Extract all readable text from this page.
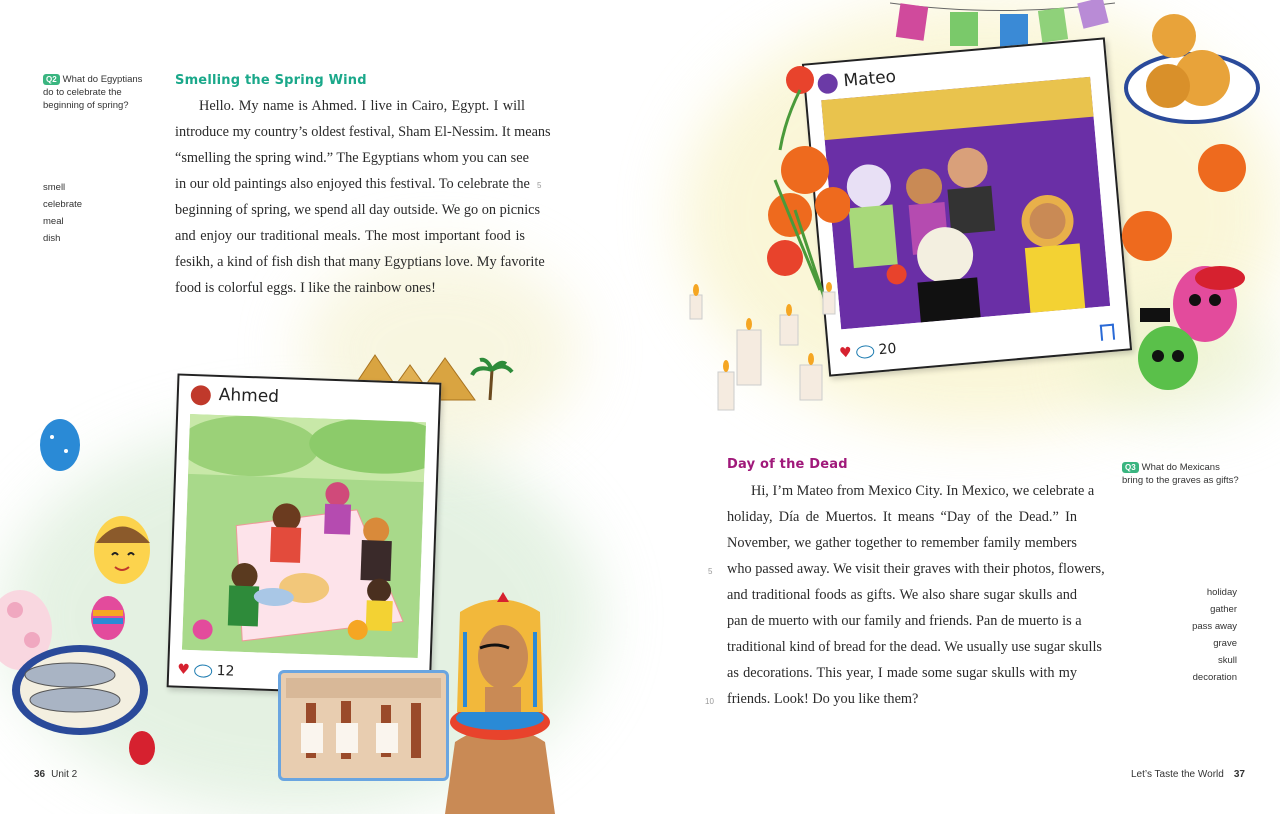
Q2 What do Egyptians do to celebrate the beginning of spring?
Smelling the Spring Wind

Hello. My name is Ahmed. I live in Cairo, Egypt. I will

introduce my country’s oldest festival, Sham El-Nessim. It means

“smelling the spring wind.” The Egyptians whom you can see

in our old paintings also enjoyed this festival. To celebrate the

beginning of spring, we spend all day outside. We go on picnics

and enjoy our traditional meals. The most important food is

fesikh, a kind of fish dish that many Egyptians love. My favorite

food is colorful eggs. I like the rainbow ones!

5
smell
celebrate
meal
dish
Ahmed
♥ 12
36 Unit 2
Mateo
♥ 20
Day of the Dead	Q3 What do Mexicans bring to the graves as gifts?

Hi, I’m Mateo from Mexico City. In Mexico, we celebrate a

holiday, Día de Muertos. It means “Day of the Dead.” In

November, we gather together to remember family members

who passed away. We visit their graves with their photos, flowers,

and traditional foods as gifts. We also share sugar skulls and

pan de muerto with our family and friends. Pan de muerto is a

traditional kind of bread for the dead. We usually use sugar skulls

as decorations. This year, I made some sugar skulls with my

friends. Look! Do you like them?

5
10
holiday
gather
pass away
grave
skull
decoration
Let’s Taste the World 37
